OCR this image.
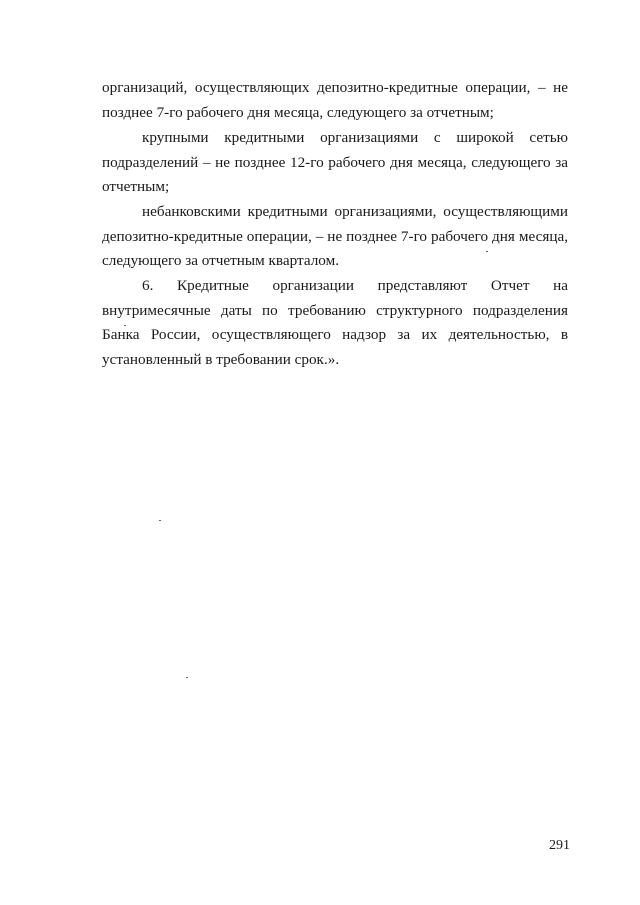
организаций, осуществляющих депозитно-кредитные операции, – не позднее 7-го рабочего дня месяца, следующего за отчетным;

крупными кредитными организациями с широкой сетью подразделений – не позднее 12-го рабочего дня месяца, следующего за отчетным;

небанковскими кредитными организациями, осуществляющими депозитно-кредитные операции, – не позднее 7-го рабочего дня месяца, следующего за отчетным кварталом.

6. Кредитные организации представляют Отчет на внутримесячные даты по требованию структурного подразделения Банка России, осуществляющего надзор за их деятельностью, в установленный в требовании срок.».

291
